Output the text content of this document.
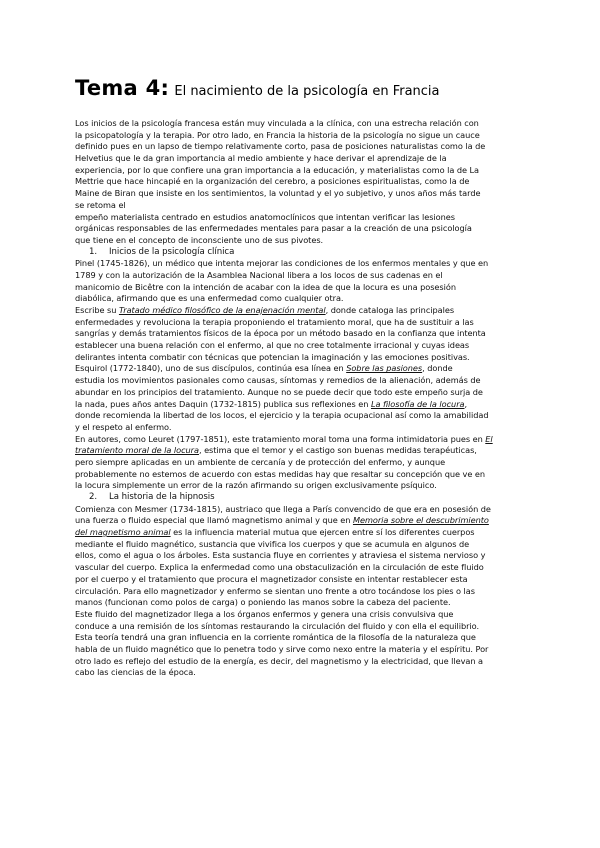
Tema 4: El nacimiento de la psicología en Francia
Los inicios de la psicología francesa están muy vinculada a la clínica, con una estrecha relación con
la psicopatología y la terapia. Por otro lado, en Francia la historia de la psicología no sigue un cauce
definido pues en un lapso de tiempo relativamente corto, pasa de posiciones naturalistas como la de
Helvetius que le da gran importancia al medio ambiente y hace derivar el aprendizaje de la
experiencia, por lo que confiere una gran importancia a la educación, y materialistas como la de La
Mettrie que hace hincapié en la organización del cerebro, a posiciones espiritualistas, como la de
Maine de Biran que insiste en los sentimientos, la voluntad y el yo subjetivo, y unos años más tarde
se retoma el
empeño materialista centrado en estudios anatomoclínicos que intentan verificar las lesiones
orgánicas responsables de las enfermedades mentales para pasar a la creación de una psicología
que tiene en el concepto de inconsciente uno de sus pivotes.
1. Inicios de la psicología clínica
Pinel (1745-1826), un médico que intenta mejorar las condiciones de los enfermos mentales y que en
1789 y con la autorización de la Asamblea Nacional libera a los locos de sus cadenas en el
manicomio de Bicêtre con la intención de acabar con la idea de que la locura es una posesión
diabólica, afirmando que es una enfermedad como cualquier otra.
Escribe su Tratado médico filosófico de la enajenación mental, donde cataloga las principales
enfermedades y revoluciona la terapia proponiendo el tratamiento moral, que ha de sustituir a las
sangrías y demás tratamientos físicos de la época por un método basado en la confianza que intenta
establecer una buena relación con el enfermo, al que no cree totalmente irracional y cuyas ideas
delirantes intenta combatir con técnicas que potencian la imaginación y las emociones positivas.
Esquirol (1772-1840), uno de sus discípulos, continúa esa línea en Sobre las pasiones, donde
estudia los movimientos pasionales como causas, síntomas y remedios de la alienación, además de
abundar en los principios del tratamiento. Aunque no se puede decir que todo este empeño surja de
la nada, pues años antes Daquin (1732-1815) publica sus reflexiones en La filosofía de la locura,
donde recomienda la libertad de los locos, el ejercicio y la terapia ocupacional así como la amabilidad
y el respeto al enfermo.
En autores, como Leuret (1797-1851), este tratamiento moral toma una forma intimidatoria pues en El
tratamiento moral de la locura, estima que el temor y el castigo son buenas medidas terapéuticas,
pero siempre aplicadas en un ambiente de cercanía y de protección del enfermo, y aunque
probablemente no estemos de acuerdo con estas medidas hay que resaltar su concepción que ve en
la locura simplemente un error de la razón afirmando su origen exclusivamente psíquico.
2. La historia de la hipnosis
Comienza con Mesmer (1734-1815), austriaco que llega a París convencido de que era en posesión de
una fuerza o fluido especial que llamó magnetismo animal y que en Memoria sobre el descubrimiento
del magnetismo animal es la influencia material mutua que ejercen entre sí los diferentes cuerpos
mediante el fluido magnético, sustancia que vivifica los cuerpos y que se acumula en algunos de
ellos, como el agua o los árboles. Esta sustancia fluye en corrientes y atraviesa el sistema nervioso y
vascular del cuerpo. Explica la enfermedad como una obstaculización en la circulación de este fluido
por el cuerpo y el tratamiento que procura el magnetizador consiste en intentar restablecer esta
circulación. Para ello magnetizador y enfermo se sientan uno frente a otro tocándose los pies o las
manos (funcionan como polos de carga) o poniendo las manos sobre la cabeza del paciente.
Este fluido del magnetizador llega a los órganos enfermos y genera una crisis convulsiva que
conduce a una remisión de los síntomas restaurando la circulación del fluido y con ella el equilibrio.
Esta teoría tendrá una gran influencia en la corriente romántica de la filosofía de la naturaleza que
habla de un fluido magnético que lo penetra todo y sirve como nexo entre la materia y el espíritu. Por
otro lado es reflejo del estudio de la energía, es decir, del magnetismo y la electricidad, que llevan a
cabo las ciencias de la época.
